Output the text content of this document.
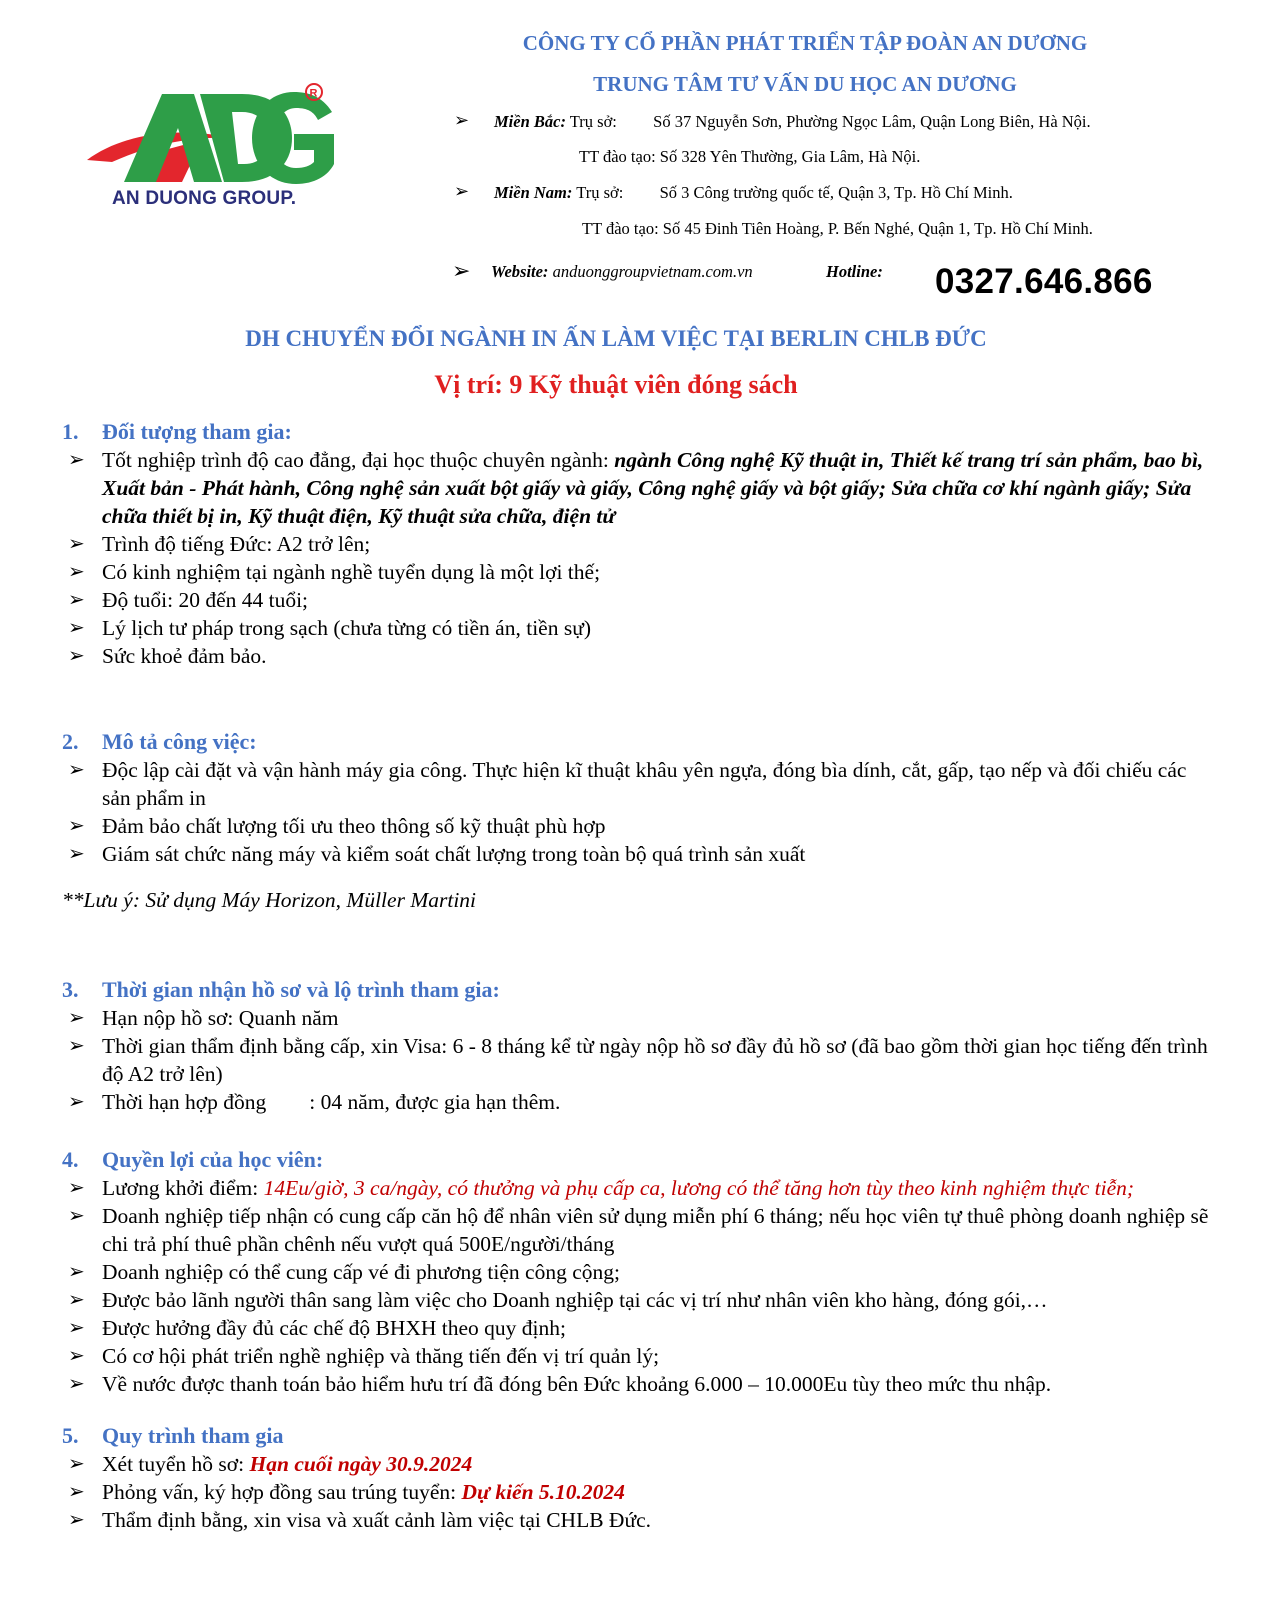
R
AN DUONG GROUP.
CÔNG TY CỔ PHẦN PHÁT TRIỂN TẬP ĐOÀN AN DƯƠNG
TRUNG TÂM TƯ VẤN DU HỌC AN DƯƠNG
➢ Miền Bắc: Trụ sở: Số 37 Nguyễn Sơn, Phường Ngọc Lâm, Quận Long Biên, Hà Nội.
TT đào tạo: Số 328 Yên Thường, Gia Lâm, Hà Nội.
➢ Miền Nam: Trụ sở: Số 3 Công trường quốc tế, Quận 3, Tp. Hồ Chí Minh.
TT đào tạo: Số 45 Đinh Tiên Hoàng, P. Bến Nghé, Quận 1, Tp. Hồ Chí Minh.
➢ Website: anduonggroupvietnam.com.vn	Hotline: 0327.646.866
DH CHUYỂN ĐỔI NGÀNH IN ẤN LÀM VIỆC TẠI BERLIN CHLB ĐỨC
Vị trí: 9 Kỹ thuật viên đóng sách
1. Đối tượng tham gia:
➢ Tốt nghiệp trình độ cao đẳng, đại học thuộc chuyên ngành: ngành Công nghệ Kỹ thuật in, Thiết kế trang trí sản phẩm, bao bì, Xuất bản - Phát hành, Công nghệ sản xuất bột giấy và giấy, Công nghệ giấy và bột giấy; Sửa chữa cơ khí ngành giấy; Sửa chữa thiết bị in, Kỹ thuật điện, Kỹ thuật sửa chữa, điện tử
➢ Trình độ tiếng Đức: A2 trở lên;
➢ Có kinh nghiệm tại ngành nghề tuyển dụng là một lợi thế;
➢ Độ tuổi: 20 đến 44 tuổi;
➢ Lý lịch tư pháp trong sạch (chưa từng có tiền án, tiền sự)
➢ Sức khoẻ đảm bảo.
2. Mô tả công việc:
➢ Độc lập cài đặt và vận hành máy gia công. Thực hiện kĩ thuật khâu yên ngựa, đóng bìa dính, cắt, gấp, tạo nếp và đối chiếu các sản phẩm in
➢ Đảm bảo chất lượng tối ưu theo thông số kỹ thuật phù hợp
➢ Giám sát chức năng máy và kiểm soát chất lượng trong toàn bộ quá trình sản xuất
**Lưu ý: Sử dụng Máy Horizon, Müller Martini
3. Thời gian nhận hồ sơ và lộ trình tham gia:
➢ Hạn nộp hồ sơ: Quanh năm
➢ Thời gian thẩm định bằng cấp, xin Visa: 6 - 8 tháng kể từ ngày nộp hồ sơ đầy đủ hồ sơ (đã bao gồm thời gian học tiếng đến trình độ A2 trở lên)
➢ Thời hạn hợp đồng        : 04 năm, được gia hạn thêm.
4. Quyền lợi của học viên:
➢ Lương khởi điểm: 14Eu/giờ, 3 ca/ngày, có thưởng và phụ cấp ca, lương có thể tăng hơn tùy theo kinh nghiệm thực tiễn;
➢ Doanh nghiệp tiếp nhận có cung cấp căn hộ để nhân viên sử dụng miễn phí 6 tháng; nếu học viên tự thuê phòng doanh nghiệp sẽ chi trả phí thuê phần chênh nếu vượt quá 500E/người/tháng
➢ Doanh nghiệp có thể cung cấp vé đi phương tiện công cộng;
➢ Được bảo lãnh người thân sang làm việc cho Doanh nghiệp tại các vị trí như nhân viên kho hàng, đóng gói,…
➢ Được hưởng đầy đủ các chế độ BHXH theo quy định;
➢ Có cơ hội phát triển nghề nghiệp và thăng tiến đến vị trí quản lý;
➢ Về nước được thanh toán bảo hiểm hưu trí đã đóng bên Đức khoảng 6.000 – 10.000Eu tùy theo mức thu nhập.
5. Quy trình tham gia
➢ Xét tuyển hồ sơ: Hạn cuối ngày 30.9.2024
➢ Phỏng vấn, ký hợp đồng sau trúng tuyển: Dự kiến 5.10.2024
➢ Thẩm định bằng, xin visa và xuất cảnh làm việc tại CHLB Đức.
